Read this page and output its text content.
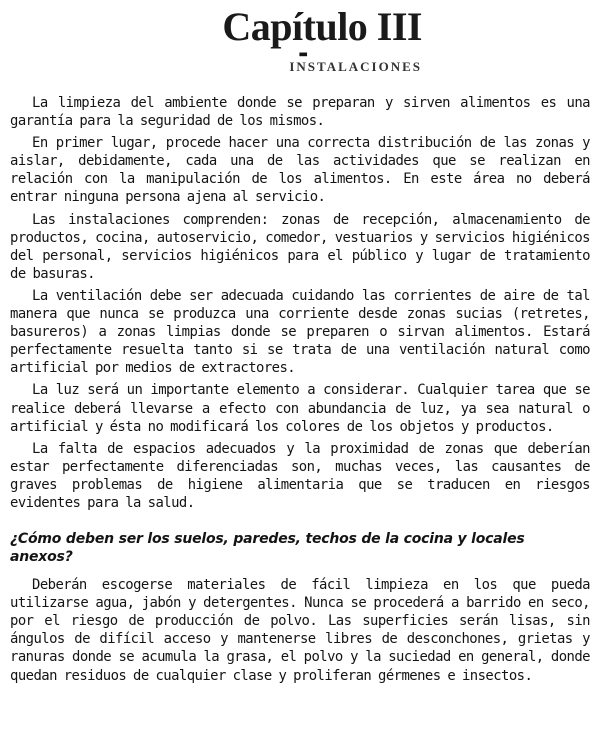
Capítulo III
▬
INSTALACIONES

La limpieza del ambiente donde se preparan y sirven alimentos es una garantía para la seguridad de los mismos.

En primer lugar, procede hacer una correcta distribución de las zonas y aislar, debidamente, cada una de las actividades que se realizan en relación con la manipulación de los alimentos. En este área no deberá entrar ninguna persona ajena al servicio.

Las instalaciones comprenden: zonas de recepción, almacenamiento de productos, cocina, autoservicio, comedor, vestuarios y servicios higiénicos del personal, servicios higiénicos para el público y lugar de tratamiento de basuras.

La ventilación debe ser adecuada cuidando las corrientes de aire de tal manera que nunca se produzca una corriente desde zonas sucias (retretes, basureros) a zonas limpias donde se preparen o sirvan alimentos. Estará perfectamente resuelta tanto si se trata de una ventilación natural como artificial por medios de extractores.

La luz será un importante elemento a considerar. Cualquier tarea que se realice deberá llevarse a efecto con abundancia de luz, ya sea natural o artificial y ésta no modificará los colores de los objetos y productos.

La falta de espacios adecuados y la proximidad de zonas que deberían estar perfectamente diferenciadas son, muchas veces, las causantes de graves problemas de higiene alimentaria que se traducen en riesgos evidentes para la salud.

¿Cómo deben ser los suelos, paredes, techos de la cocina y locales anexos?

Deberán escogerse materiales de fácil limpieza en los que pueda utilizarse agua, jabón y detergentes. Nunca se procederá a barrido en seco, por el riesgo de producción de polvo. Las superficies serán lisas, sin ángulos de difícil acceso y mantenerse libres de desconchones, grietas y ranuras donde se acumula la grasa, el polvo y la suciedad en general, donde quedan residuos de cualquier clase y proliferan gérmenes e insectos.
